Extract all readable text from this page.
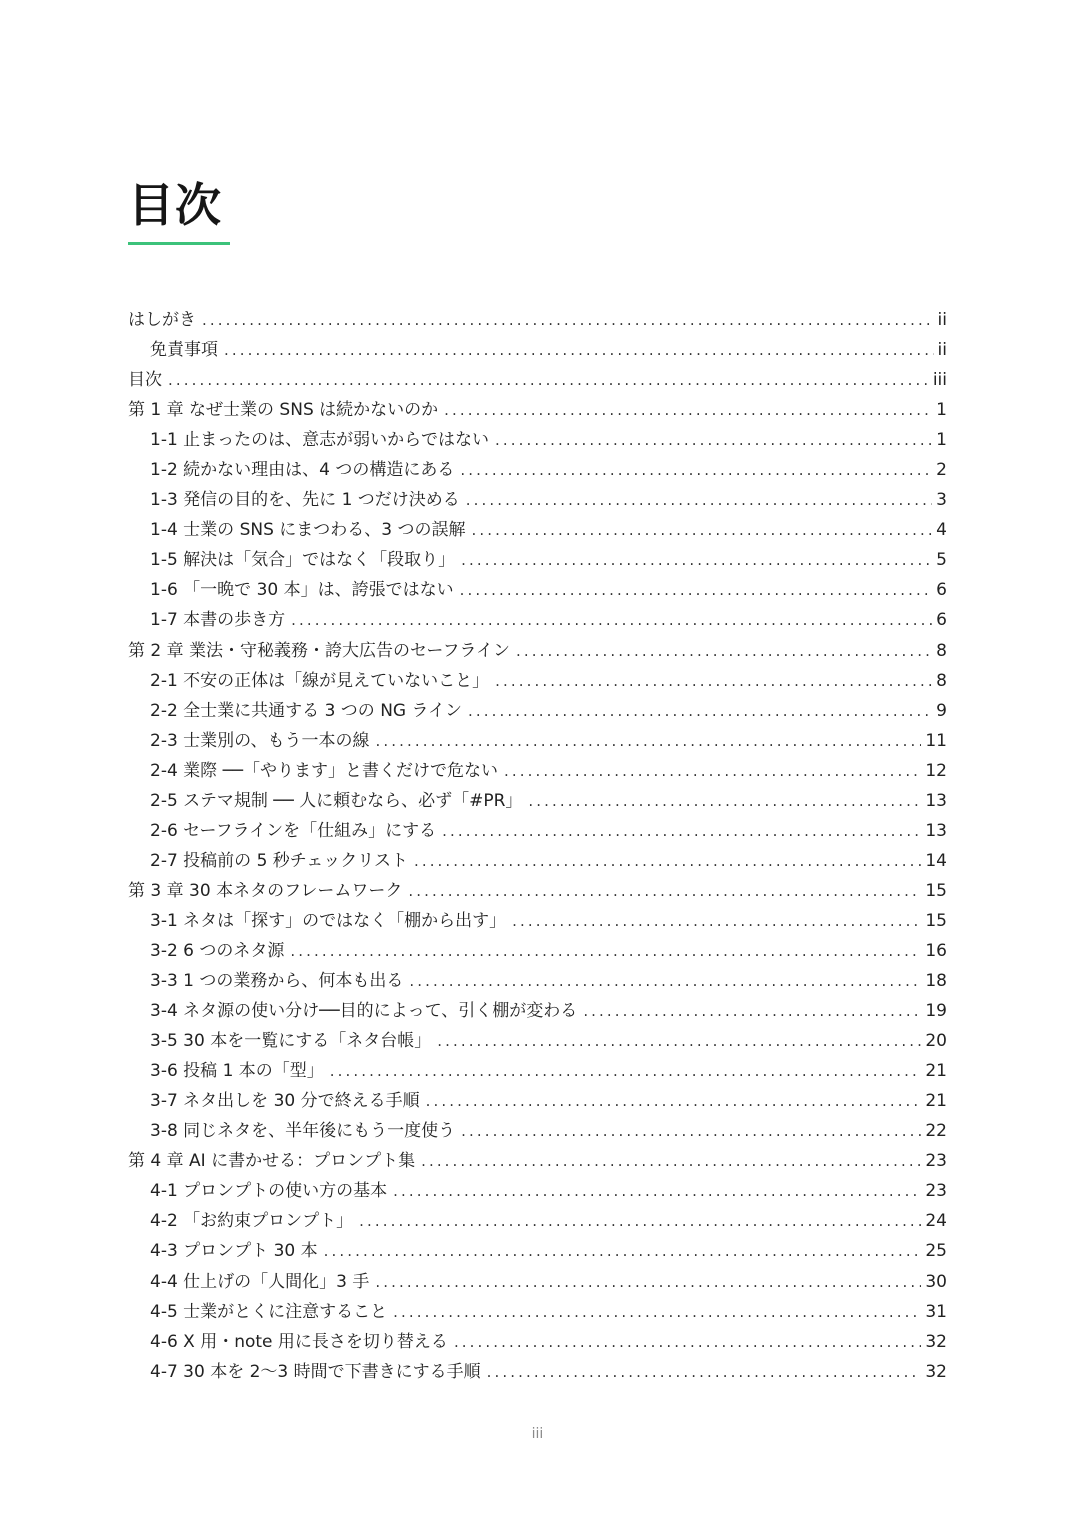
目次
はしがき .....	ii
免責事項 .....	ii
目次 .....	iii
第 1 章 なぜ士業の SNS は続かないのか .....	1
1-1 止まったのは、意志が弱いからではない .....	1
1-2 続かない理由は、4 つの構造にある .....	2
1-3 発信の目的を、先に 1 つだけ決める .....	3
1-4 士業の SNS にまつわる、3 つの誤解 .....	4
1-5 解決は「気合」ではなく「段取り」 .....	5
1-6 「一晩で 30 本」は、誇張ではない .....	6
1-7 本書の歩き方 .....	6
第 2 章 業法・守秘義務・誇大広告のセーフライン .....	8
2-1 不安の正体は「線が見えていないこと」 .....	8
2-2 全士業に共通する 3 つの NG ライン .....	9
2-3 士業別の、もう一本の線 .....	11
2-4 業際 ──「やります」と書くだけで危ない .....	12
2-5 ステマ規制 ── 人に頼むなら、必ず「#PR」 .....	13
2-6 セーフラインを「仕組み」にする .....	13
2-7 投稿前の 5 秒チェックリスト .....	14
第 3 章 30 本ネタのフレームワーク .....	15
3-1 ネタは「探す」のではなく「棚から出す」 .....	15
3-2 6 つのネタ源 .....	16
3-3 1 つの業務から、何本も出る .....	18
3-4 ネタ源の使い分け──目的によって、引く棚が変わる .....	19
3-5 30 本を一覧にする「ネタ台帳」 .....	20
3-6 投稿 1 本の「型」 .....	21
3-7 ネタ出しを 30 分で終える手順 .....	21
3-8 同じネタを、半年後にもう一度使う .....	22
第 4 章 AI に書かせる：プロンプト集 .....	23
4-1 プロンプトの使い方の基本 .....	23
4-2 「お約束プロンプト」 .....	24
4-3 プロンプト 30 本 .....	25
4-4 仕上げの「人間化」3 手 .....	30
4-5 士業がとくに注意すること .....	31
4-6 X 用・note 用に長さを切り替える .....	32
4-7 30 本を 2〜3 時間で下書きにする手順 .....	32
iii
